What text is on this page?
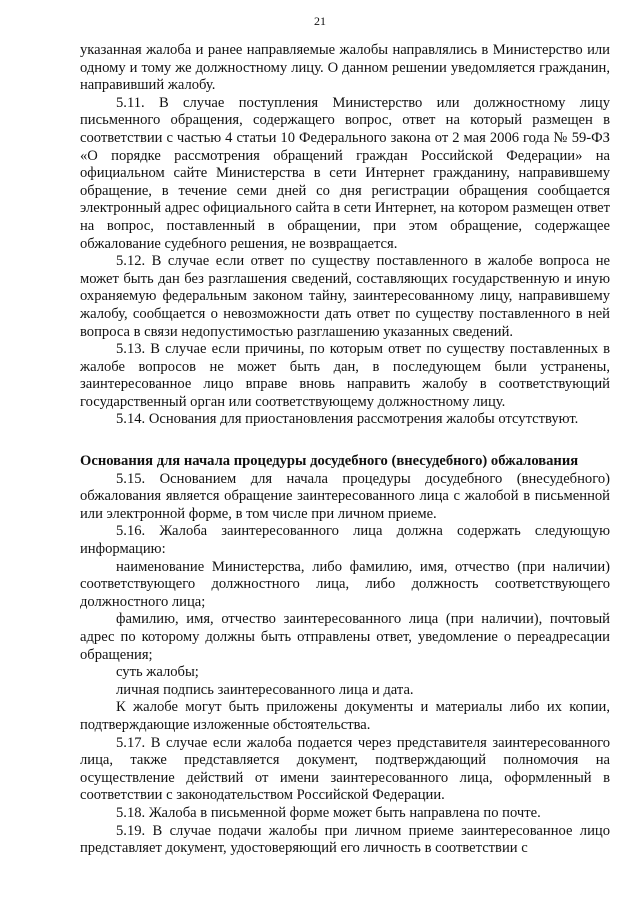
21

указанная жалоба и ранее направляемые жалобы направлялись в Министерство или одному и тому же должностному лицу. О данном решении уведомляется гражданин, направивший жалобу.

5.11. В случае поступления Министерство или должностному лицу письменного обращения, содержащего вопрос, ответ на который размещен в соответствии с частью 4 статьи 10 Федерального закона от 2 мая 2006 года № 59-ФЗ «О порядке рассмотрения обращений граждан Российской Федерации» на официальном сайте Министерства в сети Интернет гражданину, направившему обращение, в течение семи дней со дня регистрации обращения сообщается электронный адрес официального сайта в сети Интернет, на котором размещен ответ на вопрос, поставленный в обращении, при этом обращение, содержащее обжалование судебного решения, не возвращается.

5.12. В случае если ответ по существу поставленного в жалобе вопроса не может быть дан без разглашения сведений, составляющих государственную и иную охраняемую федеральным законом тайну, заинтересованному лицу, направившему жалобу, сообщается о невозможности дать ответ по существу поставленного в ней вопроса в связи недопустимостью разглашению указанных сведений.

5.13. В случае если причины, по которым ответ по существу поставленных в жалобе вопросов не может быть дан, в последующем были устранены, заинтересованное лицо вправе вновь направить жалобу в соответствующий государственный орган или соответствующему должностному лицу.

5.14. Основания для приостановления рассмотрения жалобы отсутствуют.

Основания для начала процедуры досудебного (внесудебного) обжалования

5.15. Основанием для начала процедуры досудебного (внесудебного) обжалования является обращение заинтересованного лица с жалобой в письменной или электронной форме, в том числе при личном приеме.

5.16. Жалоба заинтересованного лица должна содержать следующую информацию:

наименование Министерства, либо фамилию, имя, отчество (при наличии) соответствующего должностного лица, либо должность соответствующего должностного лица;

фамилию, имя, отчество заинтересованного лица (при наличии), почтовый адрес по которому должны быть отправлены ответ, уведомление о переадресации обращения;

суть жалобы;

личная подпись заинтересованного лица и дата.

К жалобе могут быть приложены документы и материалы либо их копии, подтверждающие изложенные обстоятельства.

5.17. В случае если жалоба подается через представителя заинтересованного лица, также представляется документ, подтверждающий полномочия на осуществление действий от имени заинтересованного лица, оформленный в соответствии с законодательством Российской Федерации.

5.18. Жалоба в письменной форме может быть направлена по почте.

5.19. В случае подачи жалобы при личном приеме заинтересованное лицо представляет документ, удостоверяющий его личность в соответствии с
